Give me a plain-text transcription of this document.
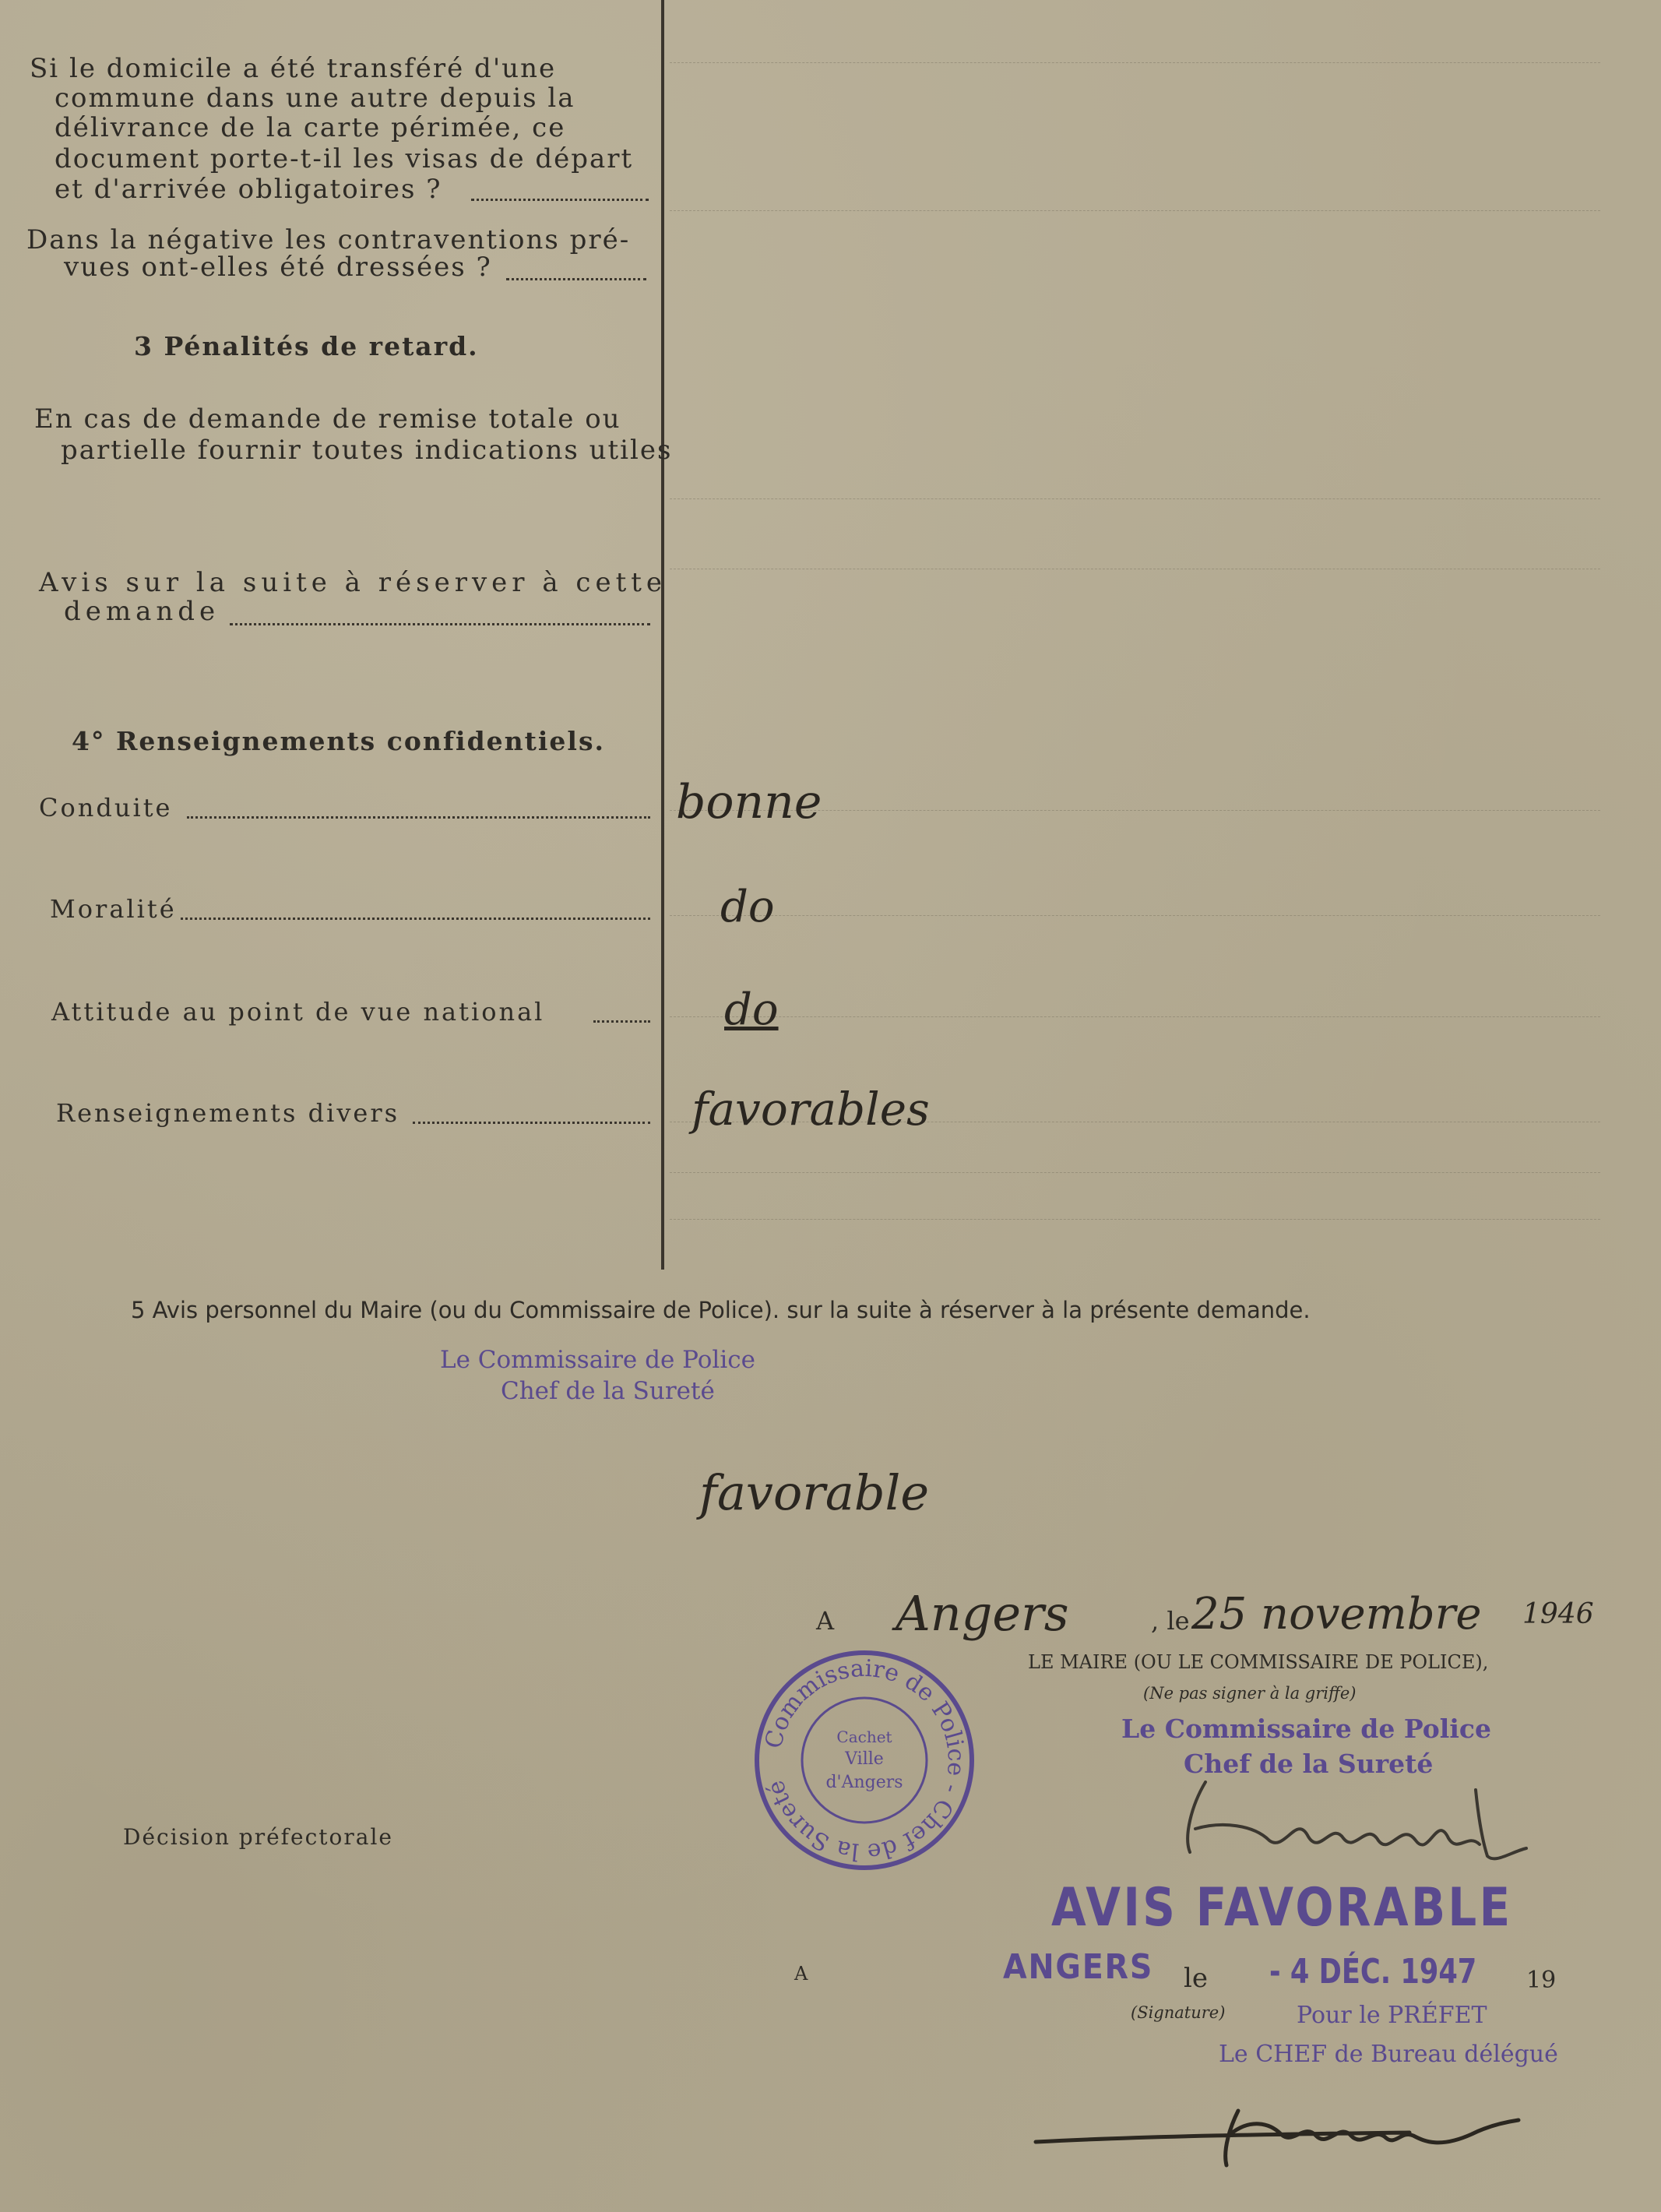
Si le domicile a été transféré d'une
commune dans une autre depuis la
délivrance de la carte périmée, ce
document porte-t-il les visas de départ
et d'arrivée obligatoires ?
Dans la négative les contraventions pré-
vues ont-elles été dressées ?
3 Pénalités de retard.
En cas de demande de remise totale ou
partielle fournir toutes indications utiles
Avis sur la suite à réserver à cette
demande
4° Renseignements confidentiels.
Conduite	bonne
Moralité	do
Attitude au point de vue national	do
Renseignements divers	favorables
5 Avis personnel du Maire (ou du Commissaire de Police). sur la suite à réserver à la présente demande.
Le Commissaire de Police
Chef de la Sureté
favorable
A Angers	, le 25 novembre 1946
LE MAIRE (OU LE COMMISSAIRE DE POLICE),
(Ne pas signer à la griffe)
Le Commissaire de Police
Chef de la Sureté
Commissaire de Police - Chef de la Sureté
Cachet
Ville
d'Angers
Décision préfectorale
AVIS FAVORABLE
ANGERS le - 4 DÉC. 1947 19
A
(Signature)	Pour le PRÉFET
Le CHEF de Bureau délégué
